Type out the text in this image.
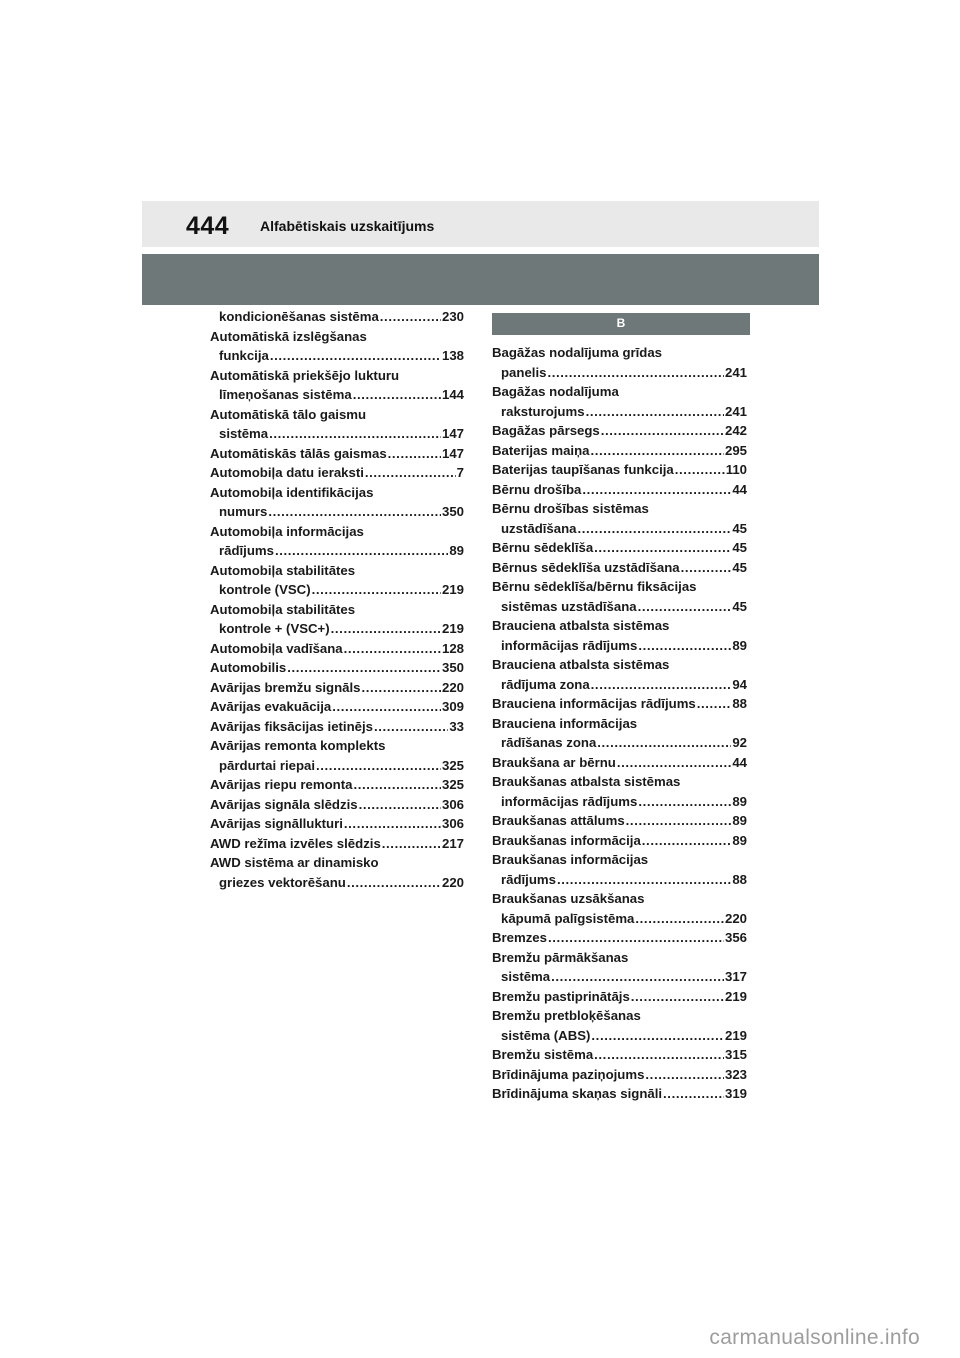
444 Alfabētiskais uzskaitījums
kondicionēšanas sistēma .....	230
Automātiskā izslēgšanas
funkcija .....	138
Automātiskā priekšējo lukturu
līmeņošanas sistēma .....	144
Automātiskā tālo gaismu
sistēma .....	147
Automātiskās tālās gaismas .....	147
Automobiļa datu ieraksti .....	7
Automobiļa identifikācijas
numurs .....	350
Automobiļa informācijas
rādījums .....	89
Automobiļa stabilitātes
kontrole (VSC) .....	219
Automobiļa stabilitātes
kontrole + (VSC+) .....	219
Automobiļa vadīšana .....	128
Automobilis .....	350
Avārijas bremžu signāls .....	220
Avārijas evakuācija .....	309
Avārijas fiksācijas ietinējs .....	33
Avārijas remonta komplekts
pārdurtai riepai .....	325
Avārijas riepu remonta .....	325
Avārijas signāla slēdzis .....	306
Avārijas signāllukturi .....	306
AWD režīma izvēles slēdzis .....	217
AWD sistēma ar dinamisko
griezes vektorēšanu .....	220
B
Bagāžas nodalījuma grīdas
panelis .....	241
Bagāžas nodalījuma
raksturojums .....	241
Bagāžas pārsegs .....	242
Baterijas maiņa .....	295
Baterijas taupīšanas funkcija .....	110
Bērnu drošība .....	44
Bērnu drošības sistēmas
uzstādīšana .....	45
Bērnu sēdeklīša .....	45
Bērnus sēdeklīša uzstādīšana .....	45
Bērnu sēdeklīša/bērnu fiksācijas
sistēmas uzstādīšana .....	45
Brauciena atbalsta sistēmas
informācijas rādījums .....	89
Brauciena atbalsta sistēmas
rādījuma zona .....	94
Brauciena informācijas rādījums .....	88
Brauciena informācijas
rādīšanas zona .....	92
Braukšana ar bērnu .....	44
Braukšanas atbalsta sistēmas
informācijas rādījums .....	89
Braukšanas attālums .....	89
Braukšanas informācija .....	89
Braukšanas informācijas
rādījums .....	88
Braukšanas uzsākšanas
kāpumā palīgsistēma .....	220
Bremzes .....	356
Bremžu pārmākšanas
sistēma .....	317
Bremžu pastiprinātājs .....	219
Bremžu pretbloķēšanas
sistēma (ABS) .....	219
Bremžu sistēma .....	315
Brīdinājuma paziņojums .....	323
Brīdinājuma skaņas signāli .....	319
carmanualsonline.info
